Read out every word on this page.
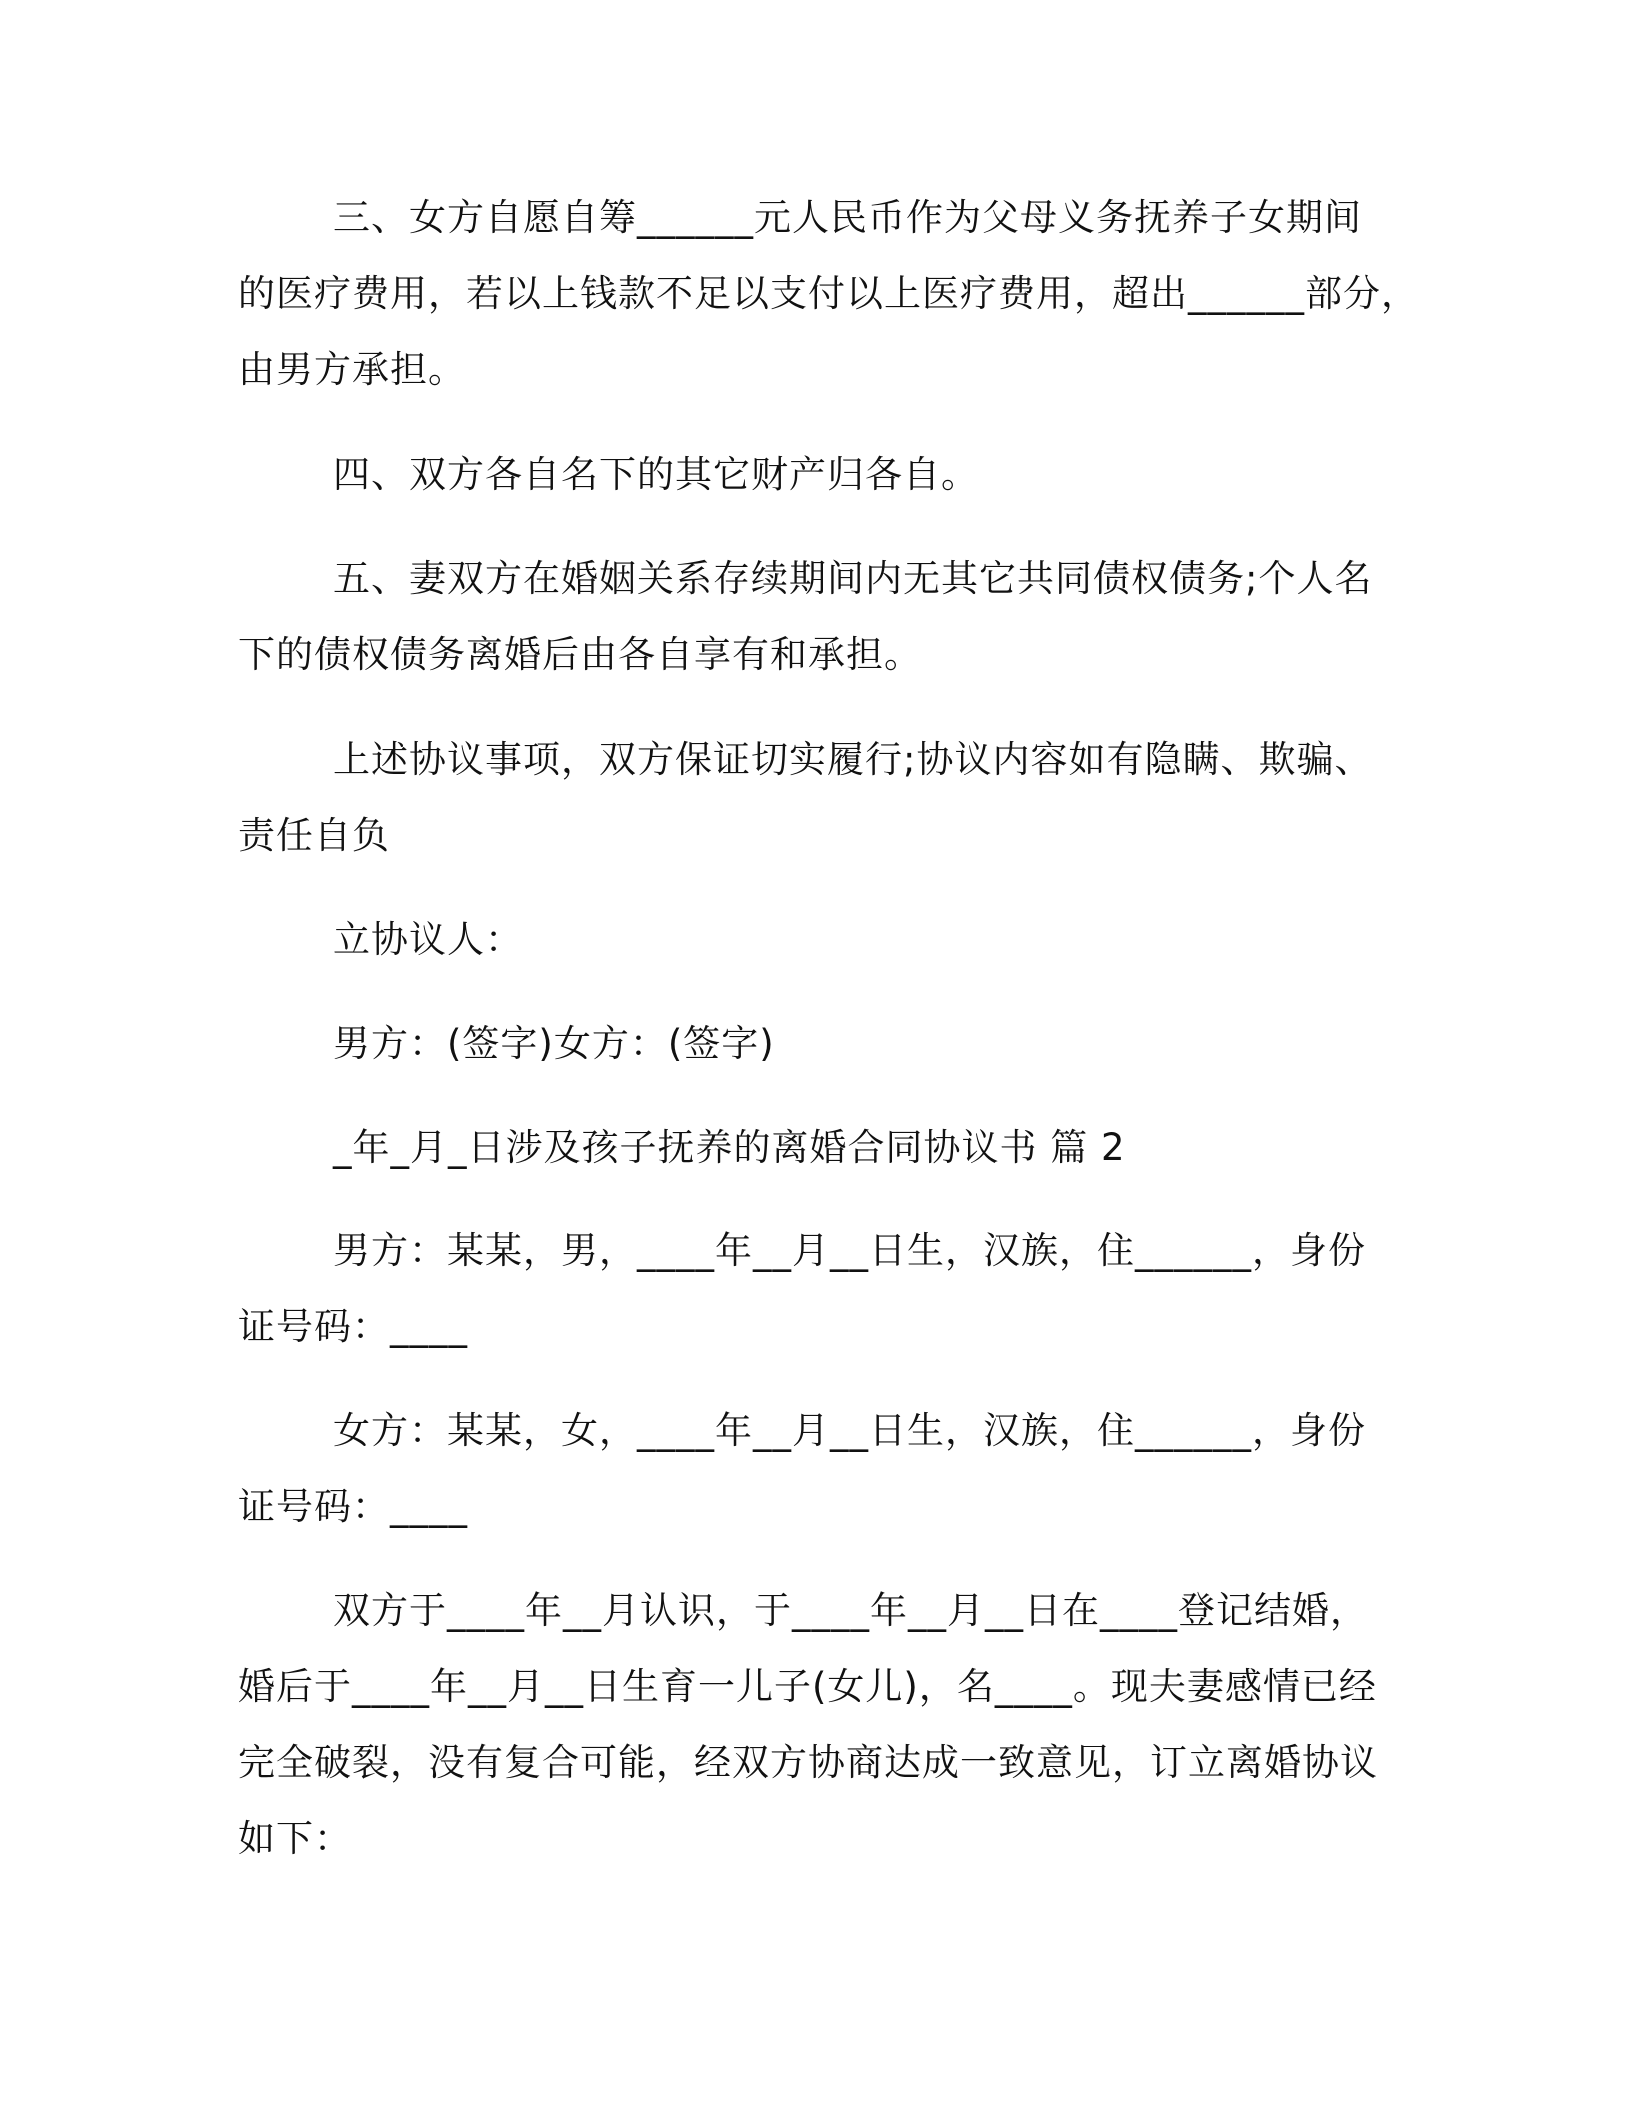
三、女方自愿自筹______元人民币作为父母义务抚养子女期间
的医疗费用，若以上钱款不足以支付以上医疗费用，超出______部分，
由男方承担。

四、双方各自名下的其它财产归各自。

五、妻双方在婚姻关系存续期间内无其它共同债权债务;个人名
下的债权债务离婚后由各自享有和承担。

上述协议事项，双方保证切实履行;协议内容如有隐瞒、欺骗、
责任自负

立协议人：

男方：(签字)女方：(签字)

_年_月_日涉及孩子抚养的离婚合同协议书 篇 2

男方：某某，男，____年__月__日生，汉族，住______，身份
证号码：____

女方：某某，女，____年__月__日生，汉族，住______，身份
证号码：____

双方于____年__月认识，于____年__月__日在____登记结婚，
婚后于____年__月__日生育一儿子(女儿)，名____。现夫妻感情已经
完全破裂，没有复合可能，经双方协商达成一致意见，订立离婚协议
如下：
